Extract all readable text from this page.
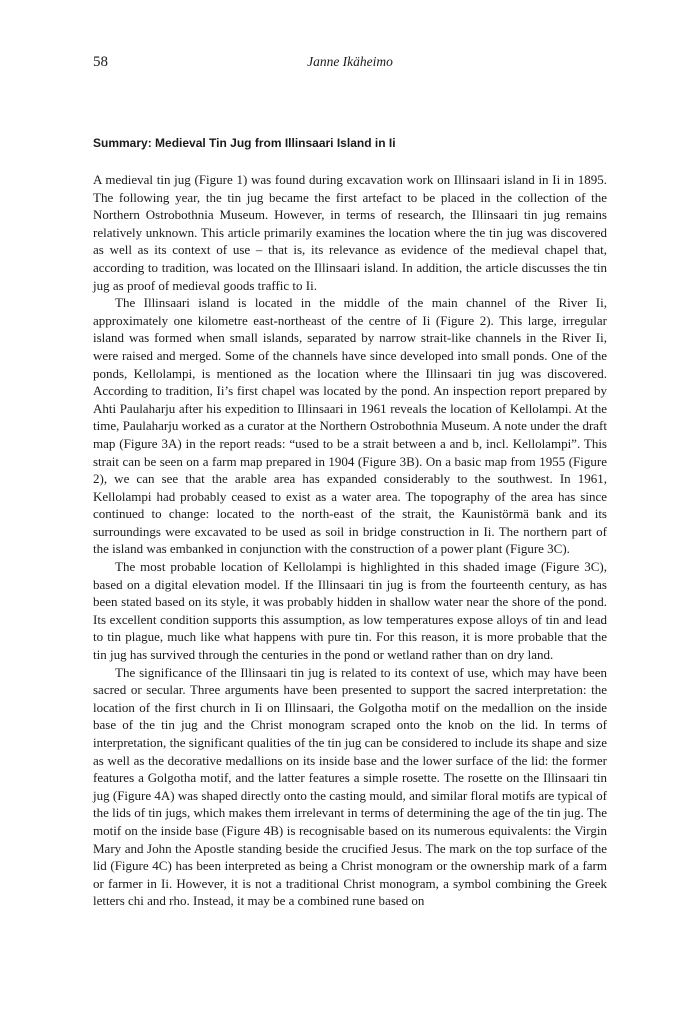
58	Janne Ikäheimo
Summary: Medieval Tin Jug from Illinsaari Island in Ii

A medieval tin jug (Figure 1) was found during excavation work on Illinsaari island in Ii in 1895. The following year, the tin jug became the first artefact to be placed in the collection of the Northern Ostrobothnia Museum. However, in terms of research, the Illinsaari tin jug remains relatively unknown. This article primarily examines the location where the tin jug was discovered as well as its context of use – that is, its relevance as evidence of the medieval chapel that, according to tradition, was located on the Illinsaari island. In addition, the article discusses the tin jug as proof of medieval goods traffic to Ii.

The Illinsaari island is located in the middle of the main channel of the River Ii, approximately one kilometre east-northeast of the centre of Ii (Figure 2). This large, irregular island was formed when small islands, separated by narrow strait-like channels in the River Ii, were raised and merged. Some of the channels have since developed into small ponds. One of the ponds, Kellolampi, is mentioned as the location where the Illinsaari tin jug was discovered. According to tradition, Ii’s first chapel was located by the pond. An inspection report prepared by Ahti Paulaharju after his expedition to Illinsaari in 1961 reveals the location of Kellolampi. At the time, Paulaharju worked as a curator at the Northern Ostrobothnia Museum. A note under the draft map (Figure 3A) in the report reads: “used to be a strait between a and b, incl. Kellolampi”. This strait can be seen on a farm map prepared in 1904 (Figure 3B). On a basic map from 1955 (Figure 2), we can see that the arable area has expanded considerably to the southwest. In 1961, Kellolampi had probably ceased to exist as a water area. The topography of the area has since continued to change: located to the north-east of the strait, the Kaunistörmä bank and its surroundings were excavated to be used as soil in bridge construction in Ii. The northern part of the island was embanked in conjunction with the construction of a power plant (Figure 3C).

The most probable location of Kellolampi is highlighted in this shaded image (Figure 3C), based on a digital elevation model. If the Illinsaari tin jug is from the fourteenth century, as has been stated based on its style, it was probably hidden in shallow water near the shore of the pond. Its excellent condition supports this assumption, as low temperatures expose alloys of tin and lead to tin plague, much like what happens with pure tin. For this reason, it is more probable that the tin jug has survived through the centuries in the pond or wetland rather than on dry land.

The significance of the Illinsaari tin jug is related to its context of use, which may have been sacred or secular. Three arguments have been presented to support the sacred interpretation: the location of the first church in Ii on Illinsaari, the Golgotha motif on the medallion on the inside base of the tin jug and the Christ monogram scraped onto the knob on the lid. In terms of interpretation, the significant qualities of the tin jug can be considered to include its shape and size as well as the decorative medallions on its inside base and the lower surface of the lid: the former features a Golgotha motif, and the latter features a simple rosette. The rosette on the Illinsaari tin jug (Figure 4A) was shaped directly onto the casting mould, and similar floral motifs are typical of the lids of tin jugs, which makes them irrelevant in terms of determining the age of the tin jug. The motif on the inside base (Figure 4B) is recognisable based on its numerous equivalents: the Virgin Mary and John the Apostle standing beside the crucified Jesus. The mark on the top surface of the lid (Figure 4C) has been interpreted as being a Christ monogram or the ownership mark of a farm or farmer in Ii. However, it is not a traditional Christ monogram, a symbol combining the Greek letters chi and rho. Instead, it may be a combined rune based on
